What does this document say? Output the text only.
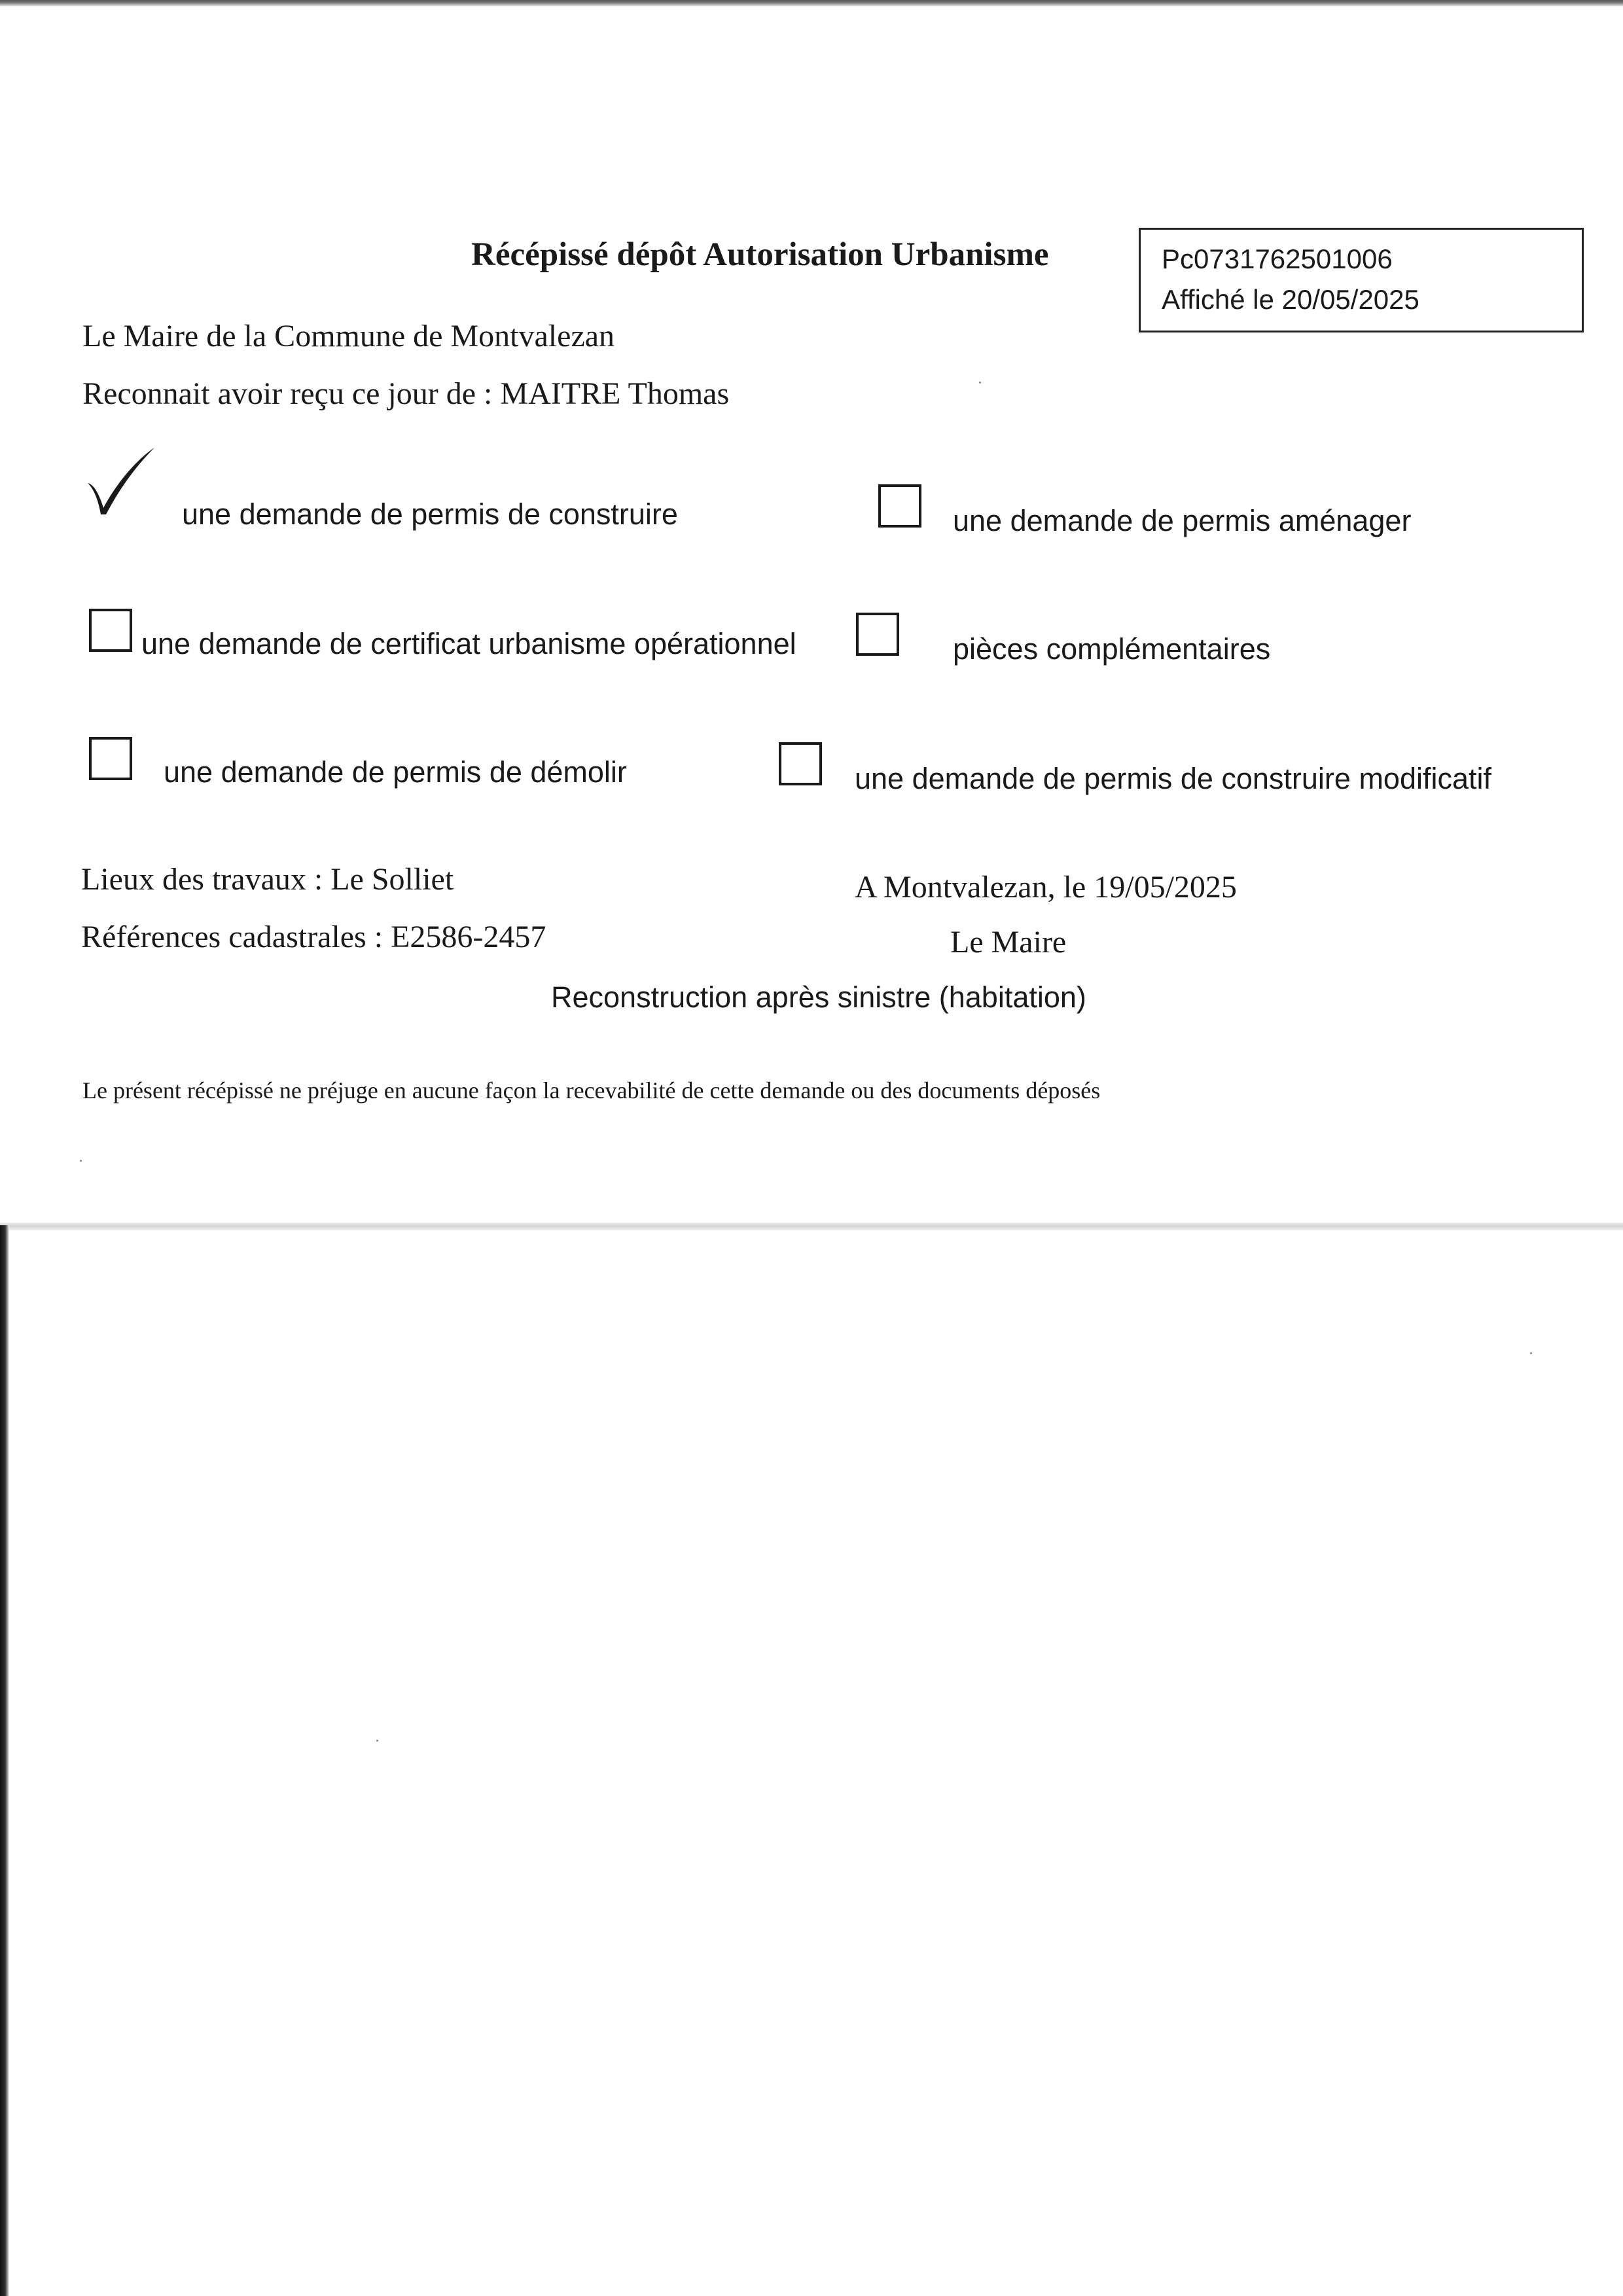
Récépissé dépôt Autorisation Urbanisme	Pc0731762501006
Affiché le 20/05/2025
Le Maire de la Commune de Montvalezan
Reconnait avoir reçu ce jour de : MAITRE Thomas
une demande de permis de construire	une demande de permis aménager
une demande de certificat urbanisme opérationnel	pièces complémentaires
une demande de permis de démolir	une demande de permis de construire modificatif
Lieux des travaux : Le Solliet
Références cadastrales : E2586-2457
A Montvalezan, le 19/05/2025
Le Maire
Reconstruction après sinistre (habitation)
Le présent récépissé ne préjuge en aucune façon la recevabilité de cette demande ou des documents déposés
